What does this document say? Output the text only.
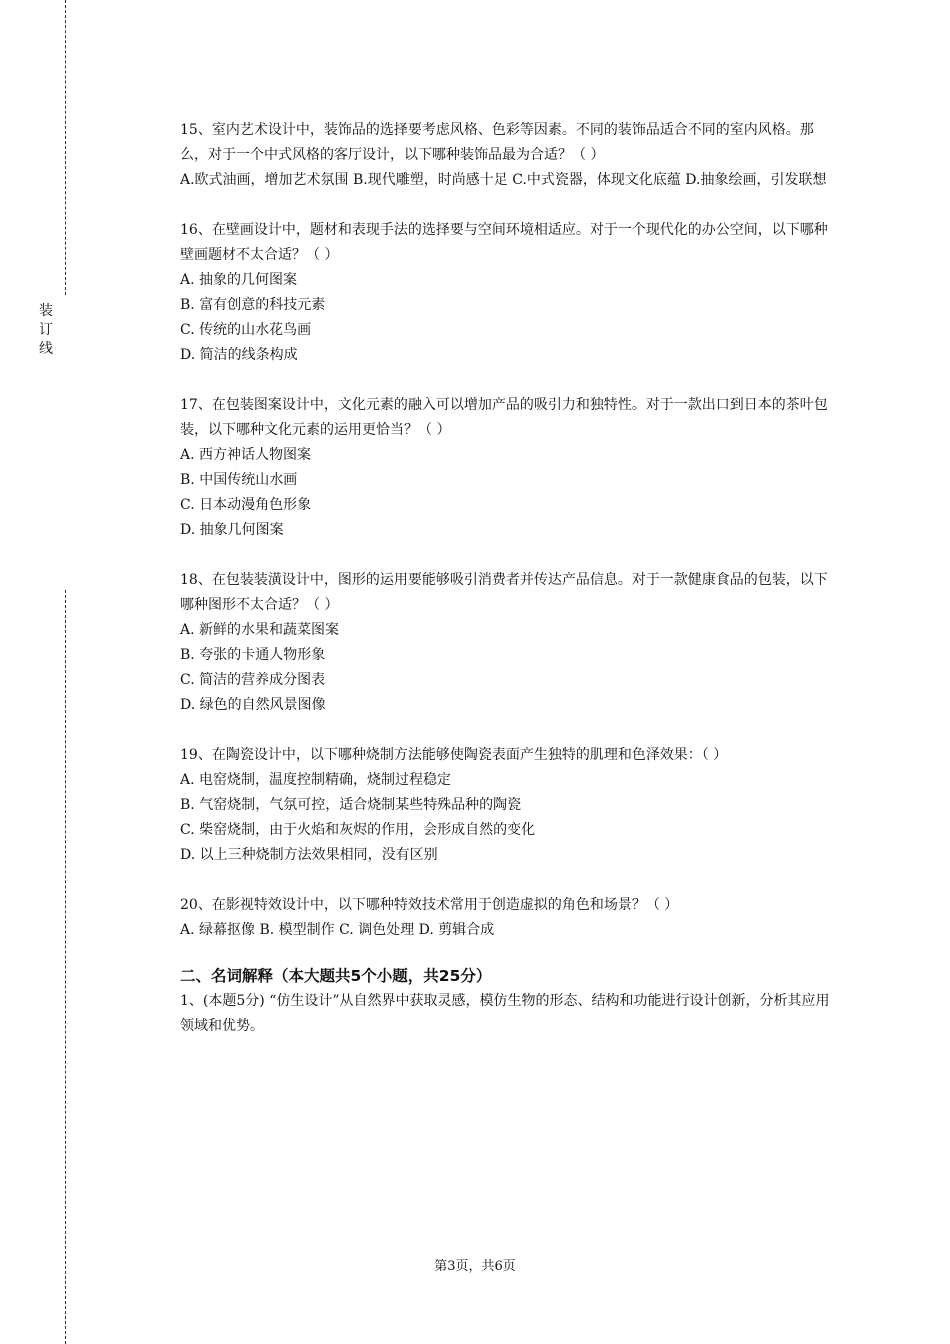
装
订
线

15、室内艺术设计中，装饰品的选择要考虑风格、色彩等因素。不同的装饰品适合不同的室内风格。那么，对于一个中式风格的客厅设计，以下哪种装饰品最为合适？（ ）

A.欧式油画，增加艺术氛围 B.现代雕塑，时尚感十足 C.中式瓷器，体现文化底蕴 D.抽象绘画，引发联想

16、在壁画设计中，题材和表现手法的选择要与空间环境相适应。对于一个现代化的办公空间，以下哪种壁画题材不太合适？（ ）

A. 抽象的几何图案

B. 富有创意的科技元素

C. 传统的山水花鸟画

D. 简洁的线条构成

17、在包装图案设计中，文化元素的融入可以增加产品的吸引力和独特性。对于一款出口到日本的茶叶包装，以下哪种文化元素的运用更恰当？（ ）

A. 西方神话人物图案

B. 中国传统山水画

C. 日本动漫角色形象

D. 抽象几何图案

18、在包装装潢设计中，图形的运用要能够吸引消费者并传达产品信息。对于一款健康食品的包装，以下哪种图形不太合适？（ ）

A. 新鲜的水果和蔬菜图案

B. 夸张的卡通人物形象

C. 简洁的营养成分图表

D. 绿色的自然风景图像

19、在陶瓷设计中，以下哪种烧制方法能够使陶瓷表面产生独特的肌理和色泽效果：（ ）

A. 电窑烧制，温度控制精确，烧制过程稳定

B. 气窑烧制，气氛可控，适合烧制某些特殊品种的陶瓷

C. 柴窑烧制，由于火焰和灰烬的作用，会形成自然的变化

D. 以上三种烧制方法效果相同，没有区别

20、在影视特效设计中，以下哪种特效技术常用于创造虚拟的角色和场景？（ ）

A. 绿幕抠像 B. 模型制作 C. 调色处理 D. 剪辑合成

二、名词解释（本大题共5个小题，共25分）

1、(本题5分) “仿生设计”从自然界中获取灵感，模仿生物的形态、结构和功能进行设计创新，分析其应用领域和优势。

第3页，共6页
